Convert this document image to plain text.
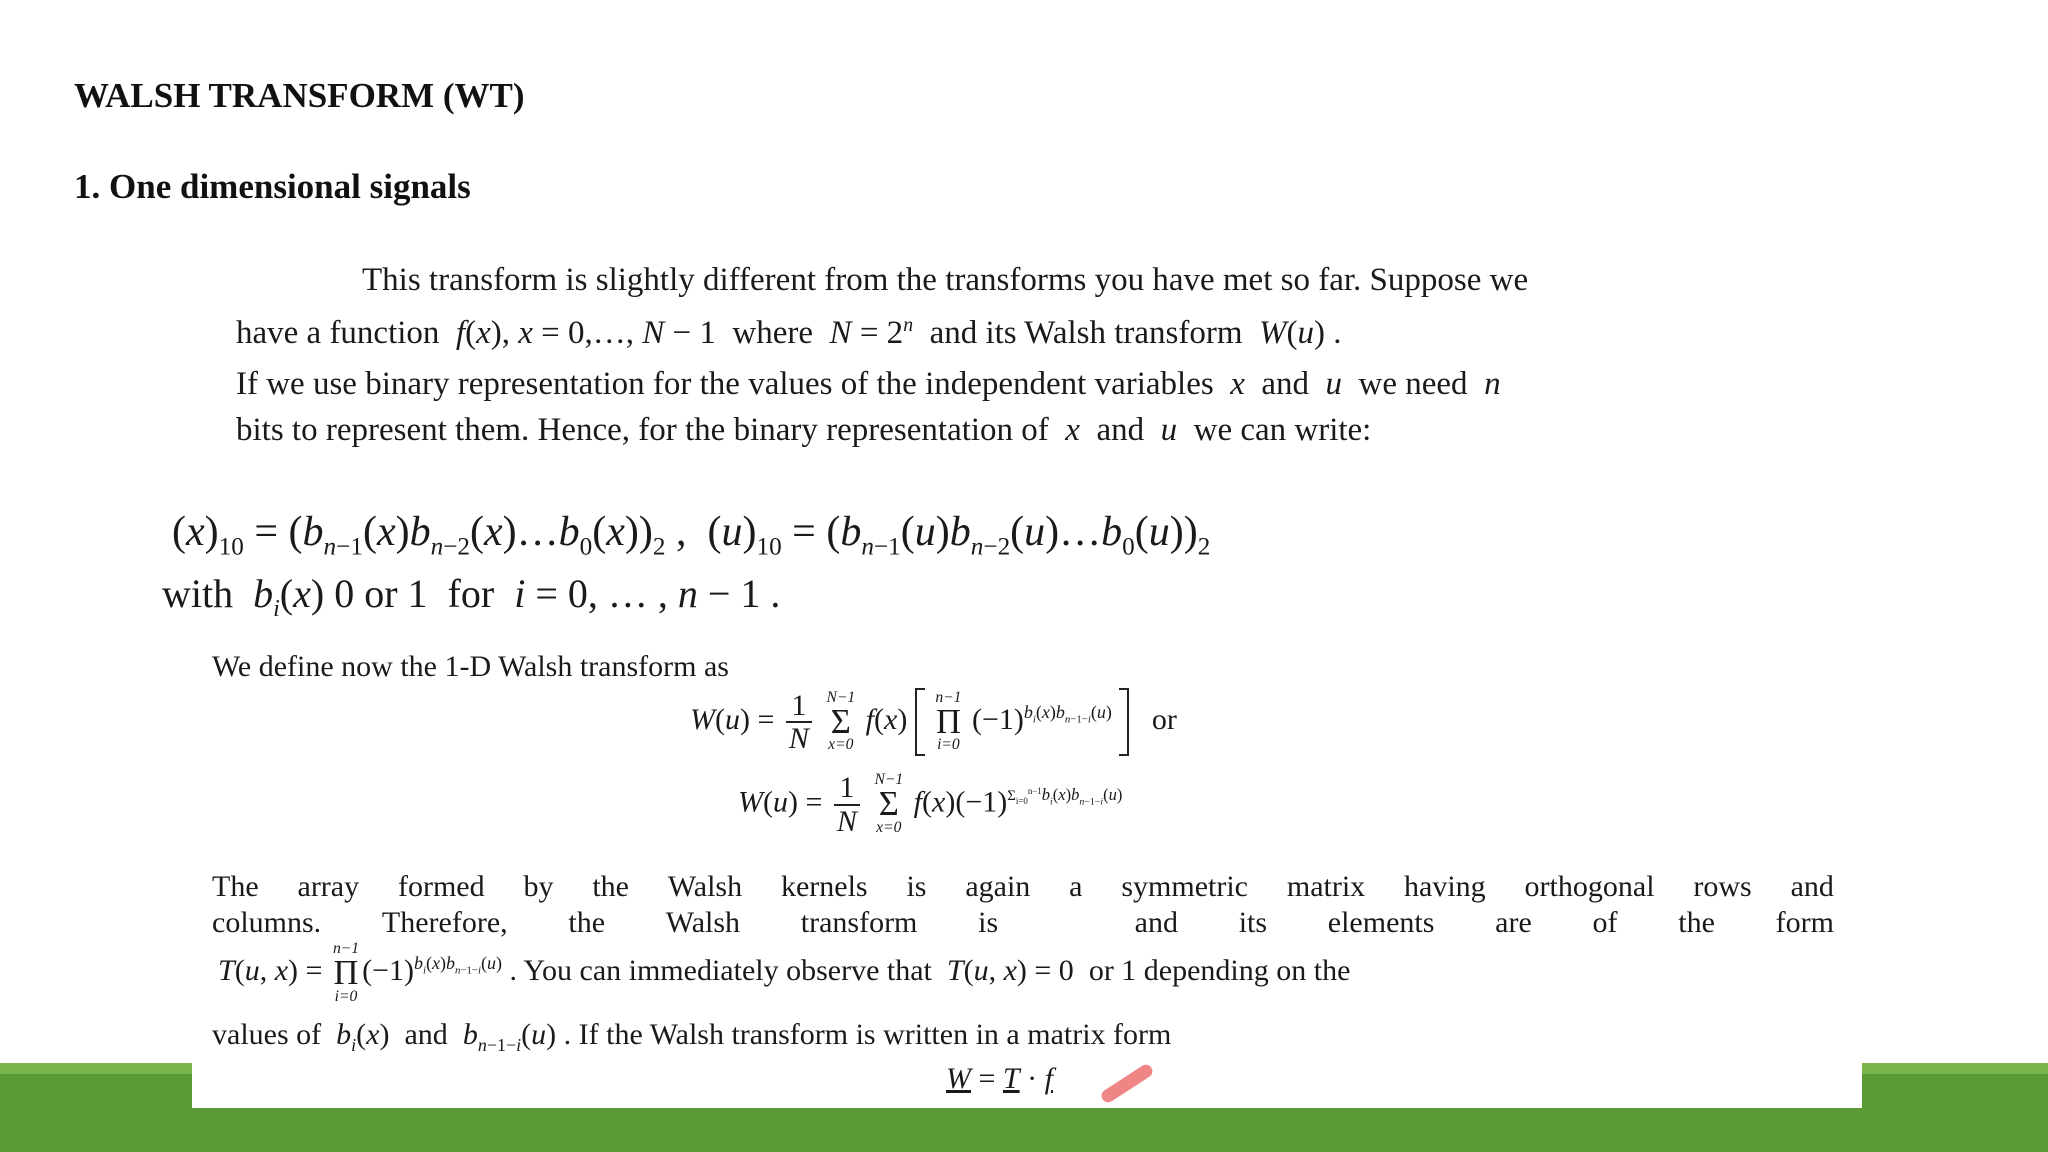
WALSH TRANSFORM (WT)
1. One dimensional signals
This transform is slightly different from the transforms you have met so far. Suppose we
have a function f(x), x = 0,…, N − 1  where $N = 2^n$ and its Walsh transform W(u) .
If we use binary representation for the values of the independent variables x and u we need n
bits to represent them. Hence, for the binary representation of x and u we can write:
$(x)_{10}$ = $(b_{n-1}(x)b_{n-2}(x)\dots b_0(x))_2$ ,  $(u)_{10}$ = $(b_{n-1}(u)b_{n-2}(u)\dots b_0(u))_2$
with $b_i(x)$ 0 or 1 for i = 0, … , n − 1 .
We define now the 1-D Walsh transform as
$W(u) = \frac{1}{N}$
N−1
Σ
x=0
f(x)
n−1
Π
i=0
$(-1)^{b_i(x)b_{n-1-i}(u)}$ or
$W(u) = \frac{1}{N}$
N−1
Σ
x=0
$f(x)(-1)^{\Sigma_{i=0}^{n-1}b_i(x)b_{n-1-i}(u)}$
The array formed by the Walsh kernels is again a symmetric matrix having orthogonal rows and
columns. Therefore, the Walsh transform is
	and its elements are of the form
T(u, x) =
n−1
Π
i=0
$(-1)^{b_i(x)b_{n-1-i}(u)}$ . You can immediately observe that T(u, x) = 0  or 1 depending on the
values of $b_i(x)$  and $b_{n-1-i}(u)$ . If the Walsh transform is written in a matrix form
W = T · f
